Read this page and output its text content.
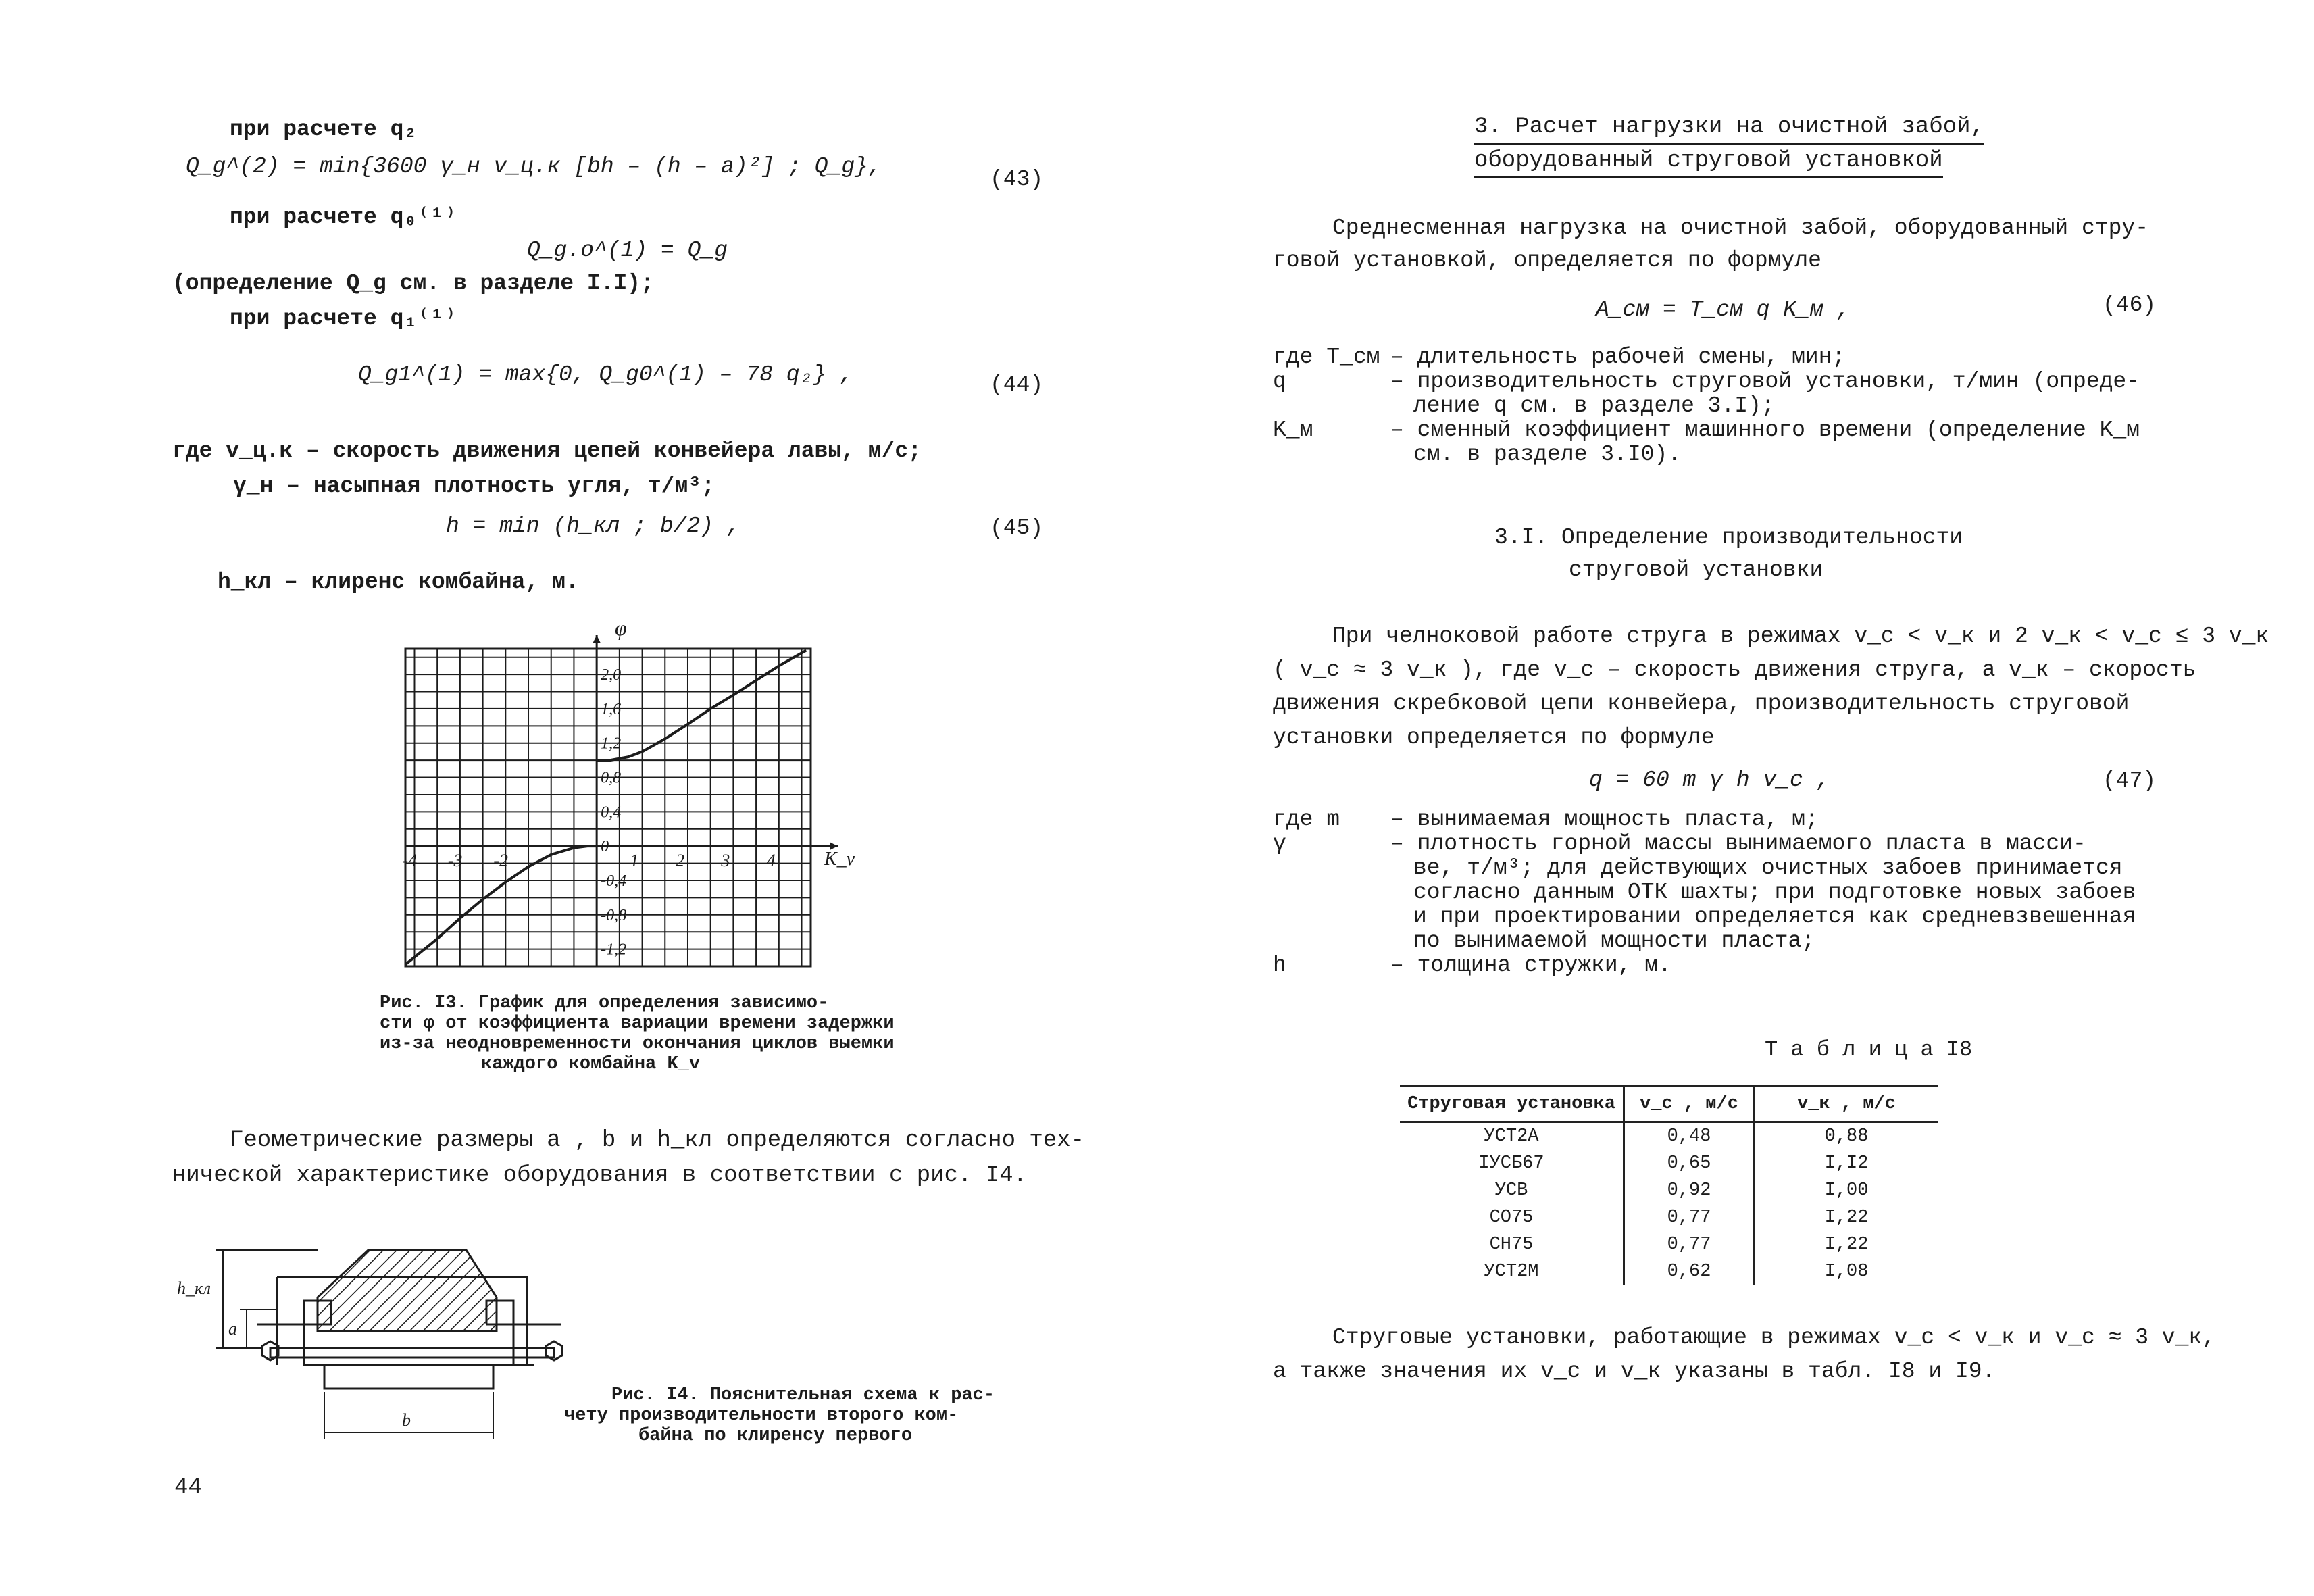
при расчете q₂
Q_g^(2) = min{3600 γ_н v_ц.к [bh – (h – a)²] ; Q_g},
(43)
при расчете q₀⁽¹⁾
Q_g.o^(1) = Q_g
(определение Q_g см. в разделе I.I);
при расчете q₁⁽¹⁾
Q_g1^(1) = max{0, Q_g0^(1) – 78 q₂} ,	(44)
где v_ц.к – скорость движения цепей конвейера лавы, м/с;
γ_н – насыпная плотность угля, т/м³;
h = min (h_кл ; b/2) ,	(45)
h_кл – клиренс комбайна, м.
-4 -3 -2	1 2 3 4
2,0
1,6
1,2
0,8
0,4
0
-0,4
-0,8
-1,2
φ
K_v
Рис. I3. График для определения зависимо-
сти φ от коэффициента вариации времени задержки
из-за неодновременности окончания циклов выемки
каждого комбайна K_v
Геометрические размеры a , b и h_кл определяются согласно тех-
нической характеристике оборудования в соответствии с рис. I4.
b
h_кл
a
Рис. I4. Пояснительная схема к рас-
чету производительности второго ком-
байна по клиренсу первого
44
3. Расчет нагрузки на очистной забой,
оборудованный струговой установкой
Среднесменная нагрузка на очистной забой, оборудованный стру-
говой установкой, определяется по формуле
A_см = T_см q K_м ,	(46)
где T_см – длительность рабочей смены, мин;
q	– производительность струговой установки, т/мин (опреде-
ление q см. в разделе 3.I);
K_м	– сменный коэффициент машинного времени (определение K_м
см. в разделе 3.I0).
3.I. Определение производительности
струговой установки
При челноковой работе струга в режимах v_c < v_к и 2 v_к < v_c ≤ 3 v_к
( v_c ≈ 3 v_к ), где v_c – скорость движения струга, а v_к – скорость
движения скребковой цепи конвейера, производительность струговой
установки определяется по формуле
q = 60 m γ h v_c ,	(47)
где m – вынимаемая мощность пласта, м;
γ	– плотность горной массы вынимаемого пласта в масси-
ве, т/м³; для действующих очистных забоев принимается
согласно данным ОТК шахты; при подготовке новых забоев
и при проектировании определяется как средневзвешенная
по вынимаемой мощности пласта;
h	– толщина стружки, м.
Т а б л и ц а I8
Струговая установка	v_c , м/с	v_к , м/с
УСТ2А	0,48	0,88
IУСБ67	0,65	I,I2
УСВ	0,92	I,00
СО75	0,77	I,22
СН75	0,77	I,22
УСТ2М	0,62	I,08
Струговые установки, работающие в режимах v_c < v_к и v_c ≈ 3 v_к,
а также значения их v_c и v_к указаны в табл. I8 и I9.
